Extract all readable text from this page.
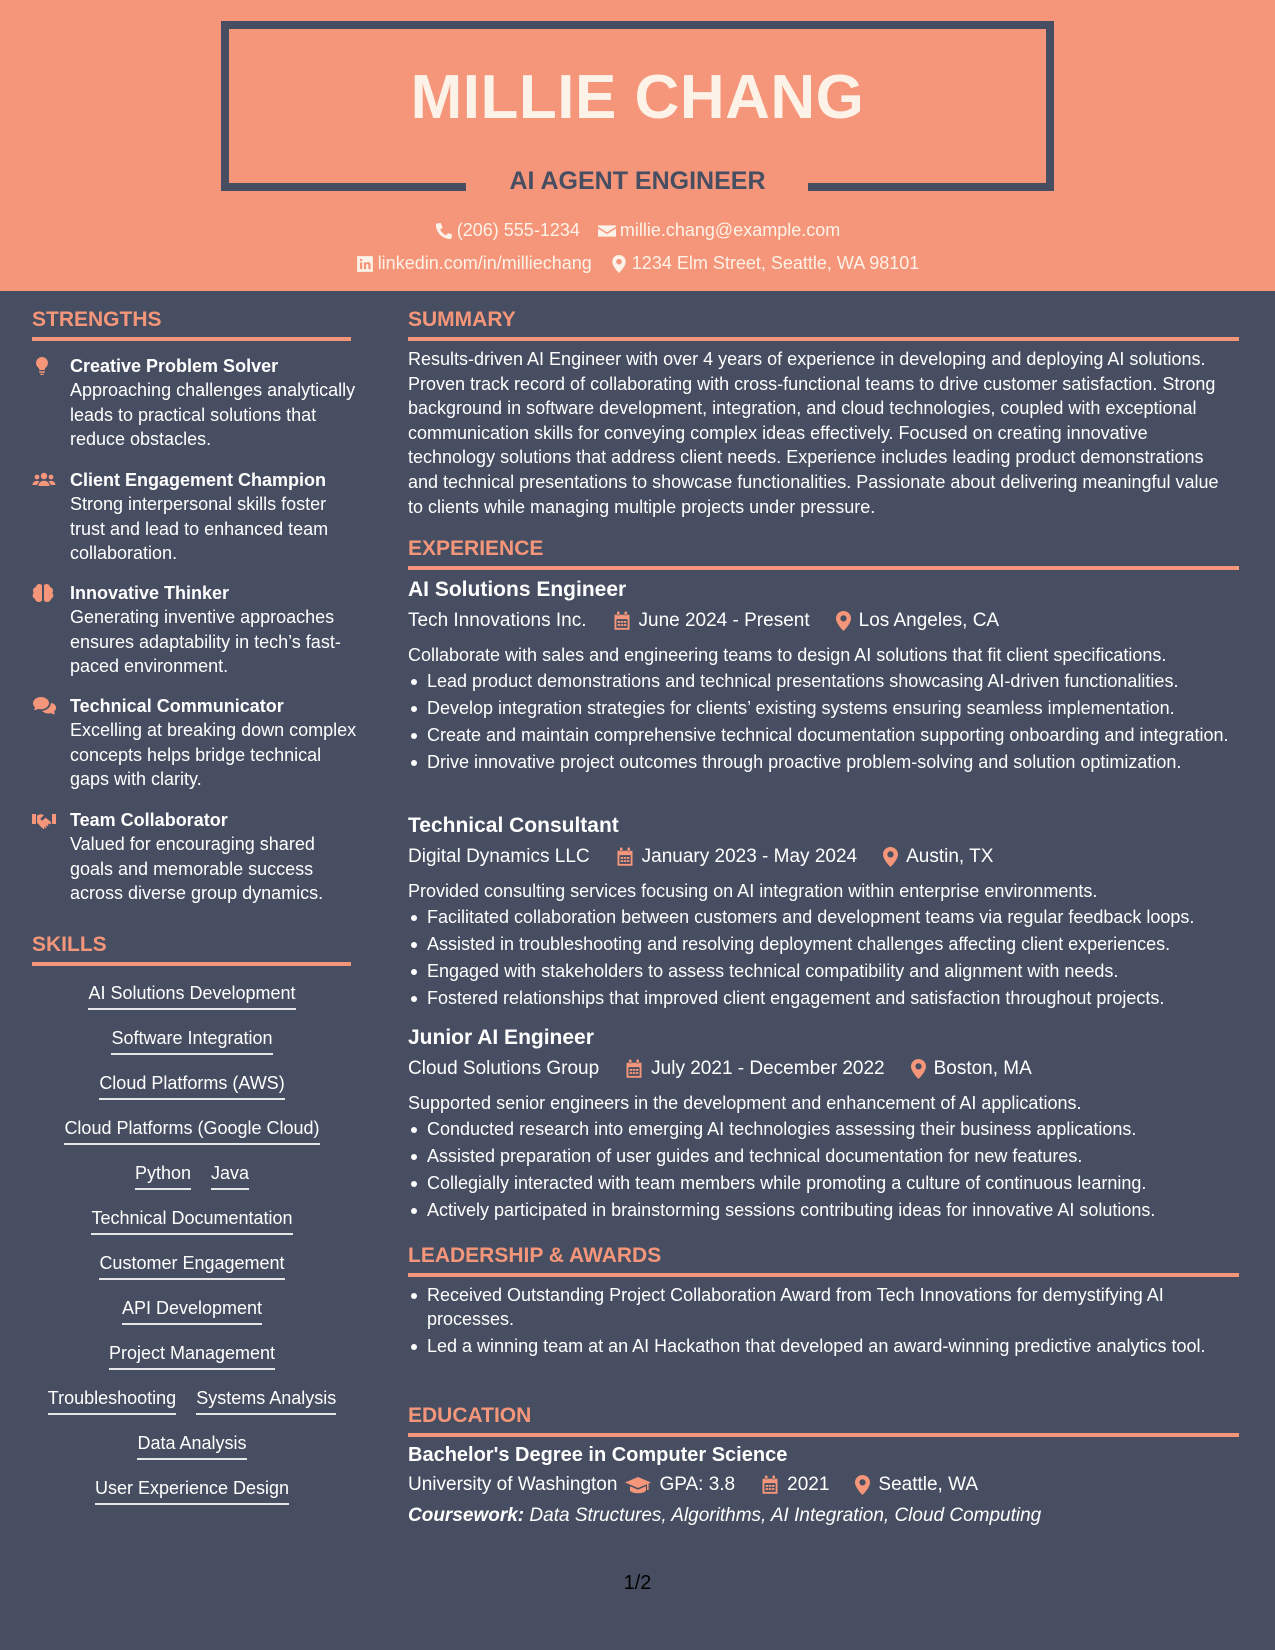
MILLIE CHANG
AI AGENT ENGINEER
(206) 555-1234 millie.chang@example.com
linkedin.com/in/milliechang 1234 Elm Street, Seattle, WA 98101
STRENGTHS
Creative Problem Solver
Approaching challenges analytically leads to practical solutions that reduce obstacles.
Client Engagement Champion
Strong interpersonal skills foster trust and lead to enhanced team collaboration.
Innovative Thinker
Generating inventive approaches ensures adaptability in tech’s fast-paced environment.
Technical Communicator
Excelling at breaking down complex concepts helps bridge technical gaps with clarity.
Team Collaborator
Valued for encouraging shared goals and memorable success across diverse group dynamics.
SKILLS
AI Solutions Development
Software Integration
Cloud Platforms (AWS)
Cloud Platforms (Google Cloud)
Python Java
Technical Documentation
Customer Engagement
API Development
Project Management
Troubleshooting Systems Analysis
Data Analysis
User Experience Design
SUMMARY
Results-driven AI Engineer with over 4 years of experience in developing and deploying AI solutions. Proven track record of collaborating with cross-functional teams to drive customer satisfaction. Strong background in software development, integration, and cloud technologies, coupled with exceptional communication skills for conveying complex ideas effectively. Focused on creating innovative technology solutions that address client needs. Experience includes leading product demonstrations and technical presentations to showcase functionalities. Passionate about delivering meaningful value to clients while managing multiple projects under pressure.
EXPERIENCE
AI Solutions Engineer
Tech Innovations Inc.	June 2024 - Present	Los Angeles, CA
Collaborate with sales and engineering teams to design AI solutions that fit client specifications.
Lead product demonstrations and technical presentations showcasing AI-driven functionalities.
Develop integration strategies for clients’ existing systems ensuring seamless implementation.
Create and maintain comprehensive technical documentation supporting onboarding and integration.
Drive innovative project outcomes through proactive problem-solving and solution optimization.
Technical Consultant
Digital Dynamics LLC	January 2023 - May 2024	Austin, TX
Provided consulting services focusing on AI integration within enterprise environments.
Facilitated collaboration between customers and development teams via regular feedback loops.
Assisted in troubleshooting and resolving deployment challenges affecting client experiences.
Engaged with stakeholders to assess technical compatibility and alignment with needs.
Fostered relationships that improved client engagement and satisfaction throughout projects.
Junior AI Engineer
Cloud Solutions Group	July 2021 - December 2022	Boston, MA
Supported senior engineers in the development and enhancement of AI applications.
Conducted research into emerging AI technologies assessing their business applications.
Assisted preparation of user guides and technical documentation for new features.
Collegially interacted with team members while promoting a culture of continuous learning.
Actively participated in brainstorming sessions contributing ideas for innovative AI solutions.
LEADERSHIP & AWARDS
Received Outstanding Project Collaboration Award from Tech Innovations for demystifying AI processes.
Led a winning team at an AI Hackathon that developed an award-winning predictive analytics tool.
EDUCATION
Bachelor's Degree in Computer Science
University of Washington GPA: 3.8	2021	Seattle, WA
Coursework: Data Structures, Algorithms, AI Integration, Cloud Computing
1/2
